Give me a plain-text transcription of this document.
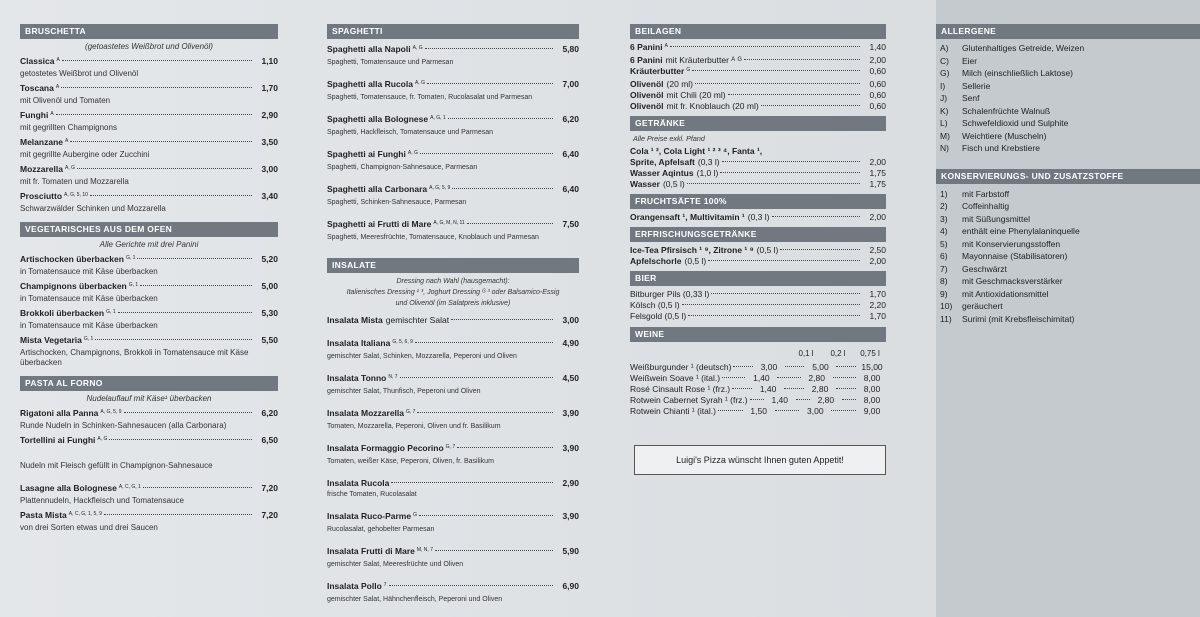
BRUSCHETTA
(getoastetes Weißbrot und Olivenöl)
Classica A	1,10
getostetes Weißbrot und Olivenöl
Toscana A	1,70
mit Olivenöl und Tomaten
Funghi A	2,90
mit gegrillten Champignons
Melanzane A	3,50
mit gegrillte Aubergine oder Zucchini
Mozzarella A, G	3,00
mit fr. Tomaten und Mozzarella
Prosciutto A, G, 5, 10	3,40
Schwarzwälder Schinken und Mozzarella
VEGETARISCHES AUS DEM OFEN
Alle Gerichte mit drei Panini
Artischocken überbacken G, 1	5,20
in Tomatensauce mit Käse überbacken
Champignons überbacken G, 1	5,00
in Tomatensauce mit Käse überbacken
Brokkoli überbacken G, 1	5,30
in Tomatensauce mit Käse überbacken
Mista Vegetaria G, 1	5,50
Artischocken, Champignons, Brokkoli in Tomatensauce mit Käse überbacken
PASTA AL FORNO
Nudelauflauf mit Käse¹ überbacken
Rigatoni alla Panna A, G, 5, 9	6,20
Runde Nudeln in Schinken-Sahnesaucen (alla Carbonara)
Tortellini ai Funghi A, G	6,50
Nudeln mit Fleisch gefüllt in Champignon-Sahnesauce
Lasagne alla Bolognese A, C, G, 1	7,20
Plattennudeln, Hackfleisch und Tomatensauce
Pasta Mista A, C, G, 1, 5, 9	7,20
von drei Sorten etwas und drei Saucen
SPAGHETTI
Spaghetti alla Napoli A, G	5,80
Spaghetti, Tomatensauce und Parmesan
Spaghetti alla Rucola A, G	7,00
Spaghetti, Tomatensauce, fr. Tomaten, Rucolasalat und Parmesan
Spaghetti alla Bolognese A, G, 1	6,20
Spaghetti, Hackfleisch, Tomatensauce und Parmesan
Spaghetti ai Funghi A, G	6,40
Spaghetti, Champignon-Sahnesauce, Parmesan
Spaghetti alla Carbonara A, G, 5, 9	6,40
Spaghetti, Schinken-Sahnesauce, Parmesan
Spaghetti ai Frutti di Mare A, G, M, N, 11	7,50
Spaghetti, Meeresfrüchte, Tomatensauce, Knoblauch und Parmesan
INSALATE
Dressing nach Wahl (hausgemacht):
Italienisches Dressing ¹ ³, Joghurt Dressing ᴳ ³ oder Balsamico-Essig
und Olivenöl (im Salatpreis inklusive)
Insalata Mista gemischter Salat	3,00
Insalata Italiana G, 5, 6, 9	4,90
gemischter Salat, Schinken, Mozzarella, Peperoni und Oliven
Insalata Tonno N, 7	4,50
gemischter Salat, Thunfisch, Peperoni und Oliven
Insalata Mozzarella G, 7	3,90
Tomaten, Mozzarella, Peperoni, Oliven und fr. Basilikum
Insalata Formaggio Pecorino G, 7	3,90
Tomaten, weißer Käse, Peperoni, Oliven, fr. Basilikum
Insalata Rucola	2,90
frische Tomaten, Rucolasalat
Insalata Ruco-Parme G	3,90
Rucolasalat, gehobelter Parmesan
Insalata Frutti di Mare M, N, 7	5,90
gemischter Salat, Meeresfrüchte und Oliven
Insalata Pollo 7	6,90
gemischter Salat, Hähnchenfleisch, Peperoni und Oliven
BEILAGEN
6 Panini A	1,40
6 Panini mit Kräuterbutter ᴬ ᴳ	2,00
Kräuterbutter G	0,60
Olivenöl (20 ml)	0,60
Olivenöl mit Chili (20 ml)	0,60
Olivenöl mit fr. Knoblauch (20 ml)	0,60
GETRÄNKE
Alle Preise exkl. Pfand
Cola ¹ ², Cola Light ¹ ² ³ ⁴, Fanta ¹,
Sprite, Apfelsaft (0,3 l)	2,00
Wasser Aqintus (1,0 l)	1,75
Wasser (0,5 l)	1,75
FRUCHTSÄFTE 100%
Orangensaft ¹, Multivitamin ¹ (0,3 l)	2,00
ERFRISCHUNGSGETRÄNKE
Ice-Tea Pfirsisch ¹ ⁹, Zitrone ¹ ⁹ (0,5 l)	2,50
Apfelschorle (0,5 l)	2,00
BIER
Bitburger Pils (0,33 l)	1,70
Kölsch (0,5 l)	2,20
Felsgold (0,5 l)	1,70
WEINE
0,1 l	0,2 l	0,75 l
Weißburgunder ¹ (deutsch)	3,00	5,00	15,00
Weißwein Soave ¹ (ital.)	1,40	2,80	8,00
Rosé Cinsault Rose ¹ (frz.)	1,40	2,80	8,00
Rotwein Cabernet Syrah ¹ (frz.)	1,40	2,80	8,00
Rotwein Chianti ¹ (ital.)	1,50	3,00	9,00
Luigi's Pizza wünscht Ihnen guten Appetit!
ALLERGENE
A)	Glutenhaltiges Getreide, Weizen
C)	Eier
G)	Milch (einschließlich Laktose)
I)	Sellerie
J)	Senf
K)	Schalenfrüchte Walnuß
L)	Schwefeldioxid und Sulphite
M)	Weichtiere (Muscheln)
N)	Fisch und Krebstiere
KONSERVIERUNGS- UND ZUSATZSTOFFE
1)	mit Farbstoff
2)	Coffeinhaltig
3)	mit Süßungsmittel
4)	enthält eine Phenylalaninquelle
5)	mit Konservierungsstoffen
6)	Mayonnaise (Stabilisatoren)
7)	Geschwärzt
8)	mit Geschmacksverstärker
9)	mit Antioxidationsmittel
10)	geräuchert
11)	Surimi (mit Krebsfleischimitat)
